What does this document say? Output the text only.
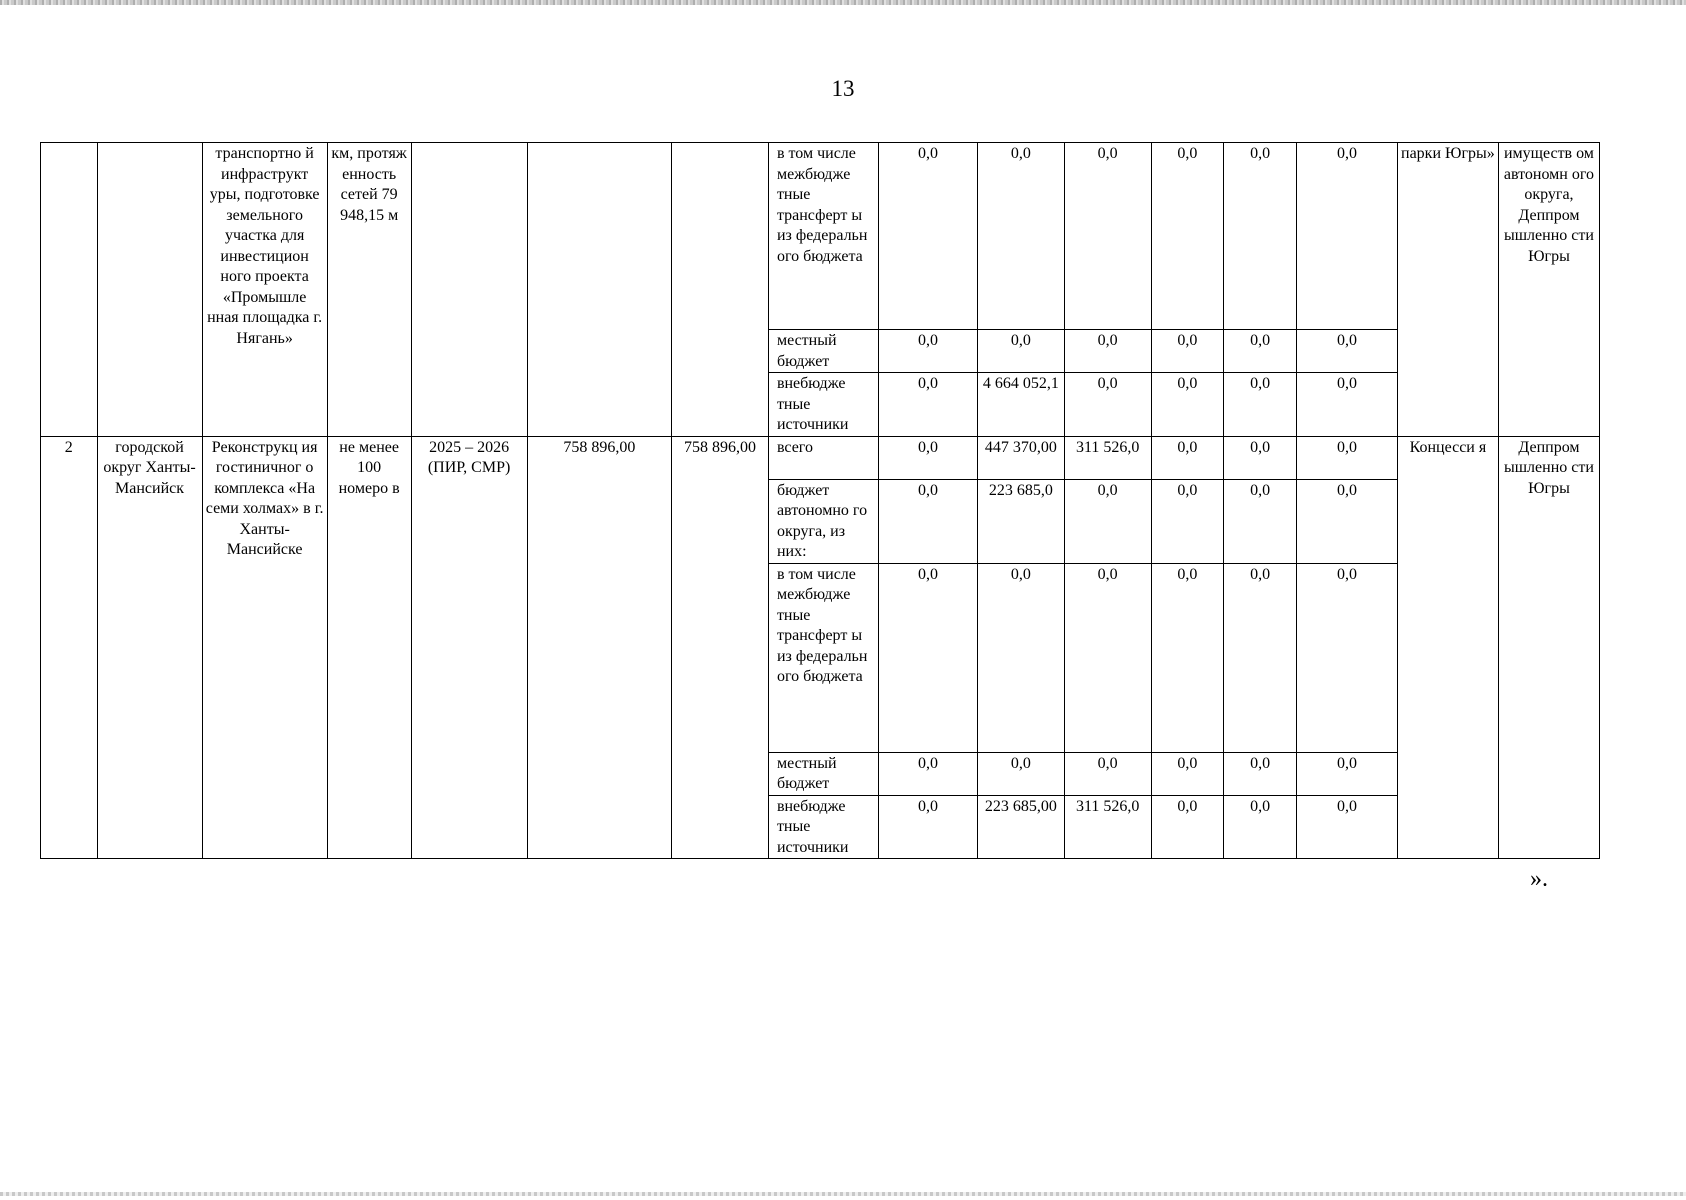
13
		транспортно й инфраструкт уры, подготовке земельного участка для инвестицион ного проекта «Промышле нная площадка г. Нягань»	км, протяж енность сетей 79 948,15 м				в том числе межбюдже тные трансферт ы из федеральн ого бюджета	0,0	0,0	0,0	0,0	0,0	0,0	парки Югры»	имуществ ом автономн ого округа, Деппром ышленно сти Югры
							местный бюджет	0,0	0,0	0,0	0,0	0,0	0,0		
							внебюдже тные источники	0,0	4 664 052,1	0,0	0,0	0,0	0,0		
2	городской округ Ханты- Мансийск	Реконструкц ия гостиничног о комплекса «На семи холмах» в г. Ханты- Мансийске	не менее 100 номеро в	2025 – 2026 (ПИР, СМР)	758 896,00	758 896,00	всего	0,0	447 370,00	311 526,0	0,0	0,0	0,0	Концесси я	Деппром ышленно сти Югры
							бюджет автономно го округа, из них:	0,0	223 685,0	0,0	0,0	0,0	0,0		
							в том числе межбюдже тные трансферт ы из федеральн ого бюджета	0,0	0,0	0,0	0,0	0,0	0,0		
							местный бюджет	0,0	0,0	0,0	0,0	0,0	0,0		
							внебюдже тные источники	0,0	223 685,00	311 526,0	0,0	0,0	0,0		
».
